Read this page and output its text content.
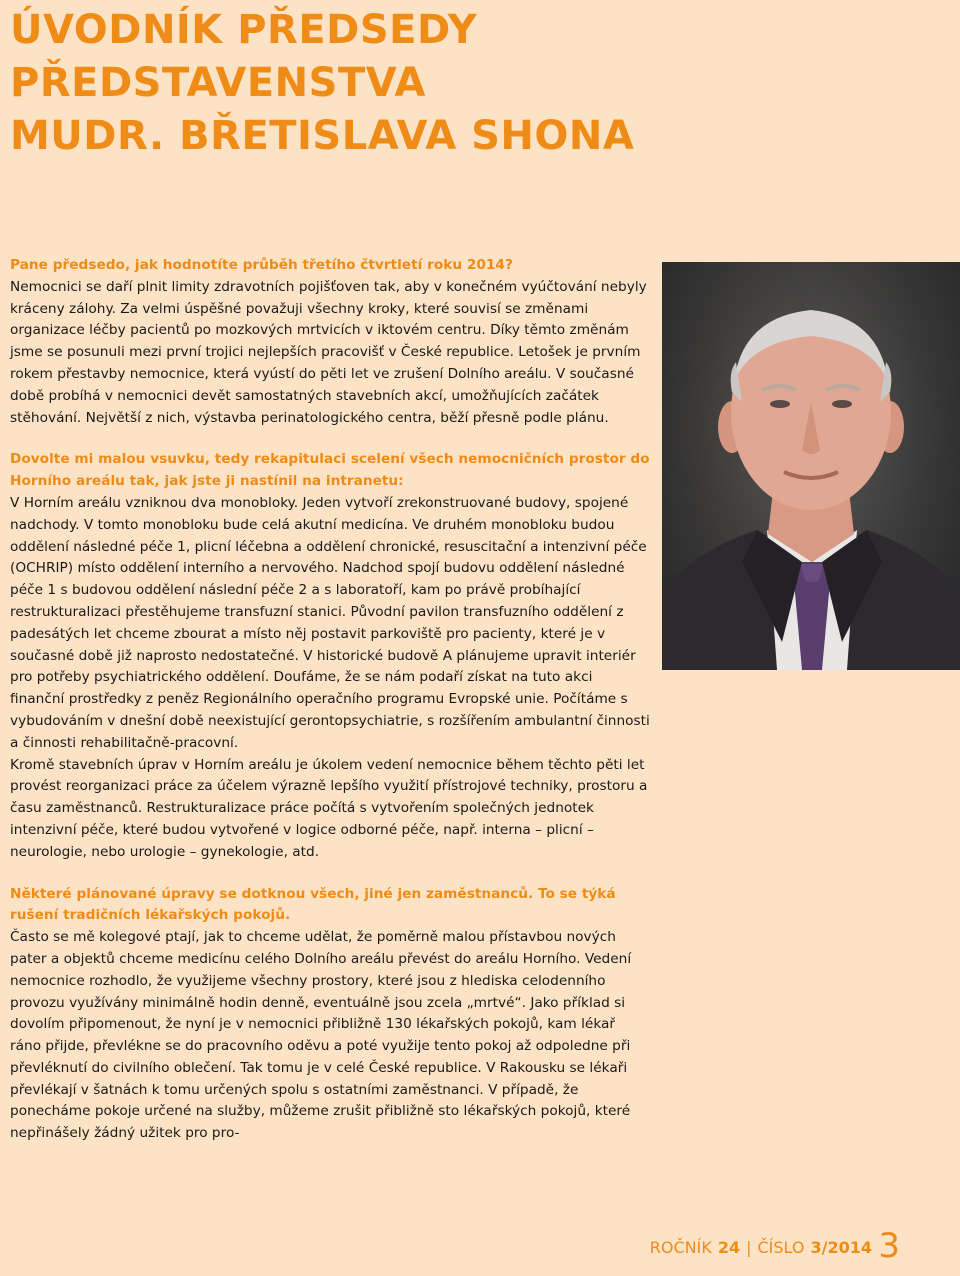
ÚVODNÍK PŘEDSEDY
PŘEDSTAVENSTVA
MUDR. BŘETISLAVA SHONA

Pane předsedo, jak hodnotíte průběh třetího čtvrtletí roku 2014?

Nemocnici se daří plnit limity zdravotních pojišťoven tak, aby v konečném vyúčtování nebyly kráceny zálohy. Za velmi úspěšné považuji všechny kroky, které souvisí se změnami organizace léčby pacientů po mozkových mrtvicích v iktovém centru. Díky těmto změnám jsme se posunuli mezi první trojici nejlepších pracovišť v České republice. Letošek je prvním rokem přestavby nemocnice, která vyústí do pěti let ve zrušení Dolního areálu. V současné době probíhá v nemocnici devět samostatných stavebních akcí, umožňujících začátek stěhování. Největší z nich, výstavba perinatologického centra, běží přesně podle plánu.

Dovolte mi malou vsuvku, tedy rekapitulaci scelení všech nemocničních prostor do Horního areálu tak, jak jste ji nastínil na intranetu:

V Horním areálu vzniknou dva monobloky. Jeden vytvoří zrekonstruované budovy, spojené nadchody. V tomto monobloku bude celá akutní medicína. Ve druhém monobloku budou oddělení následné péče 1, plicní léčebna a oddělení chronické, resuscitační a intenzivní péče (OCHRIP) místo oddělení interního a nervového. Nadchod spojí budovu oddělení následné péče 1 s budovou oddělení následní péče 2 a s laboratoří, kam po právě probíhající restrukturalizaci přestěhujeme transfuzní stanici. Původní pavilon transfuzního oddělení z padesátých let chceme zbourat a místo něj postavit parkoviště pro pacienty, které je v současné době již naprosto nedostatečné. V historické budově A plánujeme upravit interiér pro potřeby psychiatrického oddělení. Doufáme, že se nám podaří získat na tuto akci finanční prostředky z peněz Regionálního operačního programu Evropské unie. Počítáme s vybudováním v dnešní době neexistující gerontopsychiatrie, s rozšířením ambulantní činnosti a činnosti rehabilitačně-pracovní.

Kromě stavebních úprav v Horním areálu je úkolem vedení nemocnice během těchto pěti let provést reorganizaci práce za účelem výrazně lepšího využití přístrojové techniky, prostoru a času zaměstnanců. Restrukturalizace práce počítá s vytvořením společných jednotek intenzivní péče, které budou vytvořené v logice odborné péče, např. interna – plicní – neurologie, nebo urologie – gynekologie, atd.

Některé plánované úpravy se dotknou všech, jiné jen zaměstnanců. To se týká rušení tradičních lékařských pokojů.

Často se mě kolegové ptají, jak to chceme udělat, že poměrně malou přístavbou nových pater a objektů chceme medicínu celého Dolního areálu převést do areálu Horního. Vedení nemocnice rozhodlo, že využijeme všechny prostory, které jsou z hlediska celodenního provozu využívány minimálně hodin denně, eventuálně jsou zcela „mrtvé“. Jako příklad si dovolím připomenout, že nyní je v nemocnici přibližně 130 lékařských pokojů, kam lékař ráno přijde, převlékne se do pracovního oděvu a poté využije tento pokoj až odpoledne při převléknutí do civilního oblečení. Tak tomu je v celé České republice. V Rakousku se lékaři převlékají v šatnách k tomu určených spolu s ostatními zaměstnanci. V případě, že ponecháme pokoje určené na služby, můžeme zrušit přibližně sto lékařských pokojů, které nepřinášely žádný užitek pro pro-

ROČNÍK 24 | ČÍSLO 3/2014 3
